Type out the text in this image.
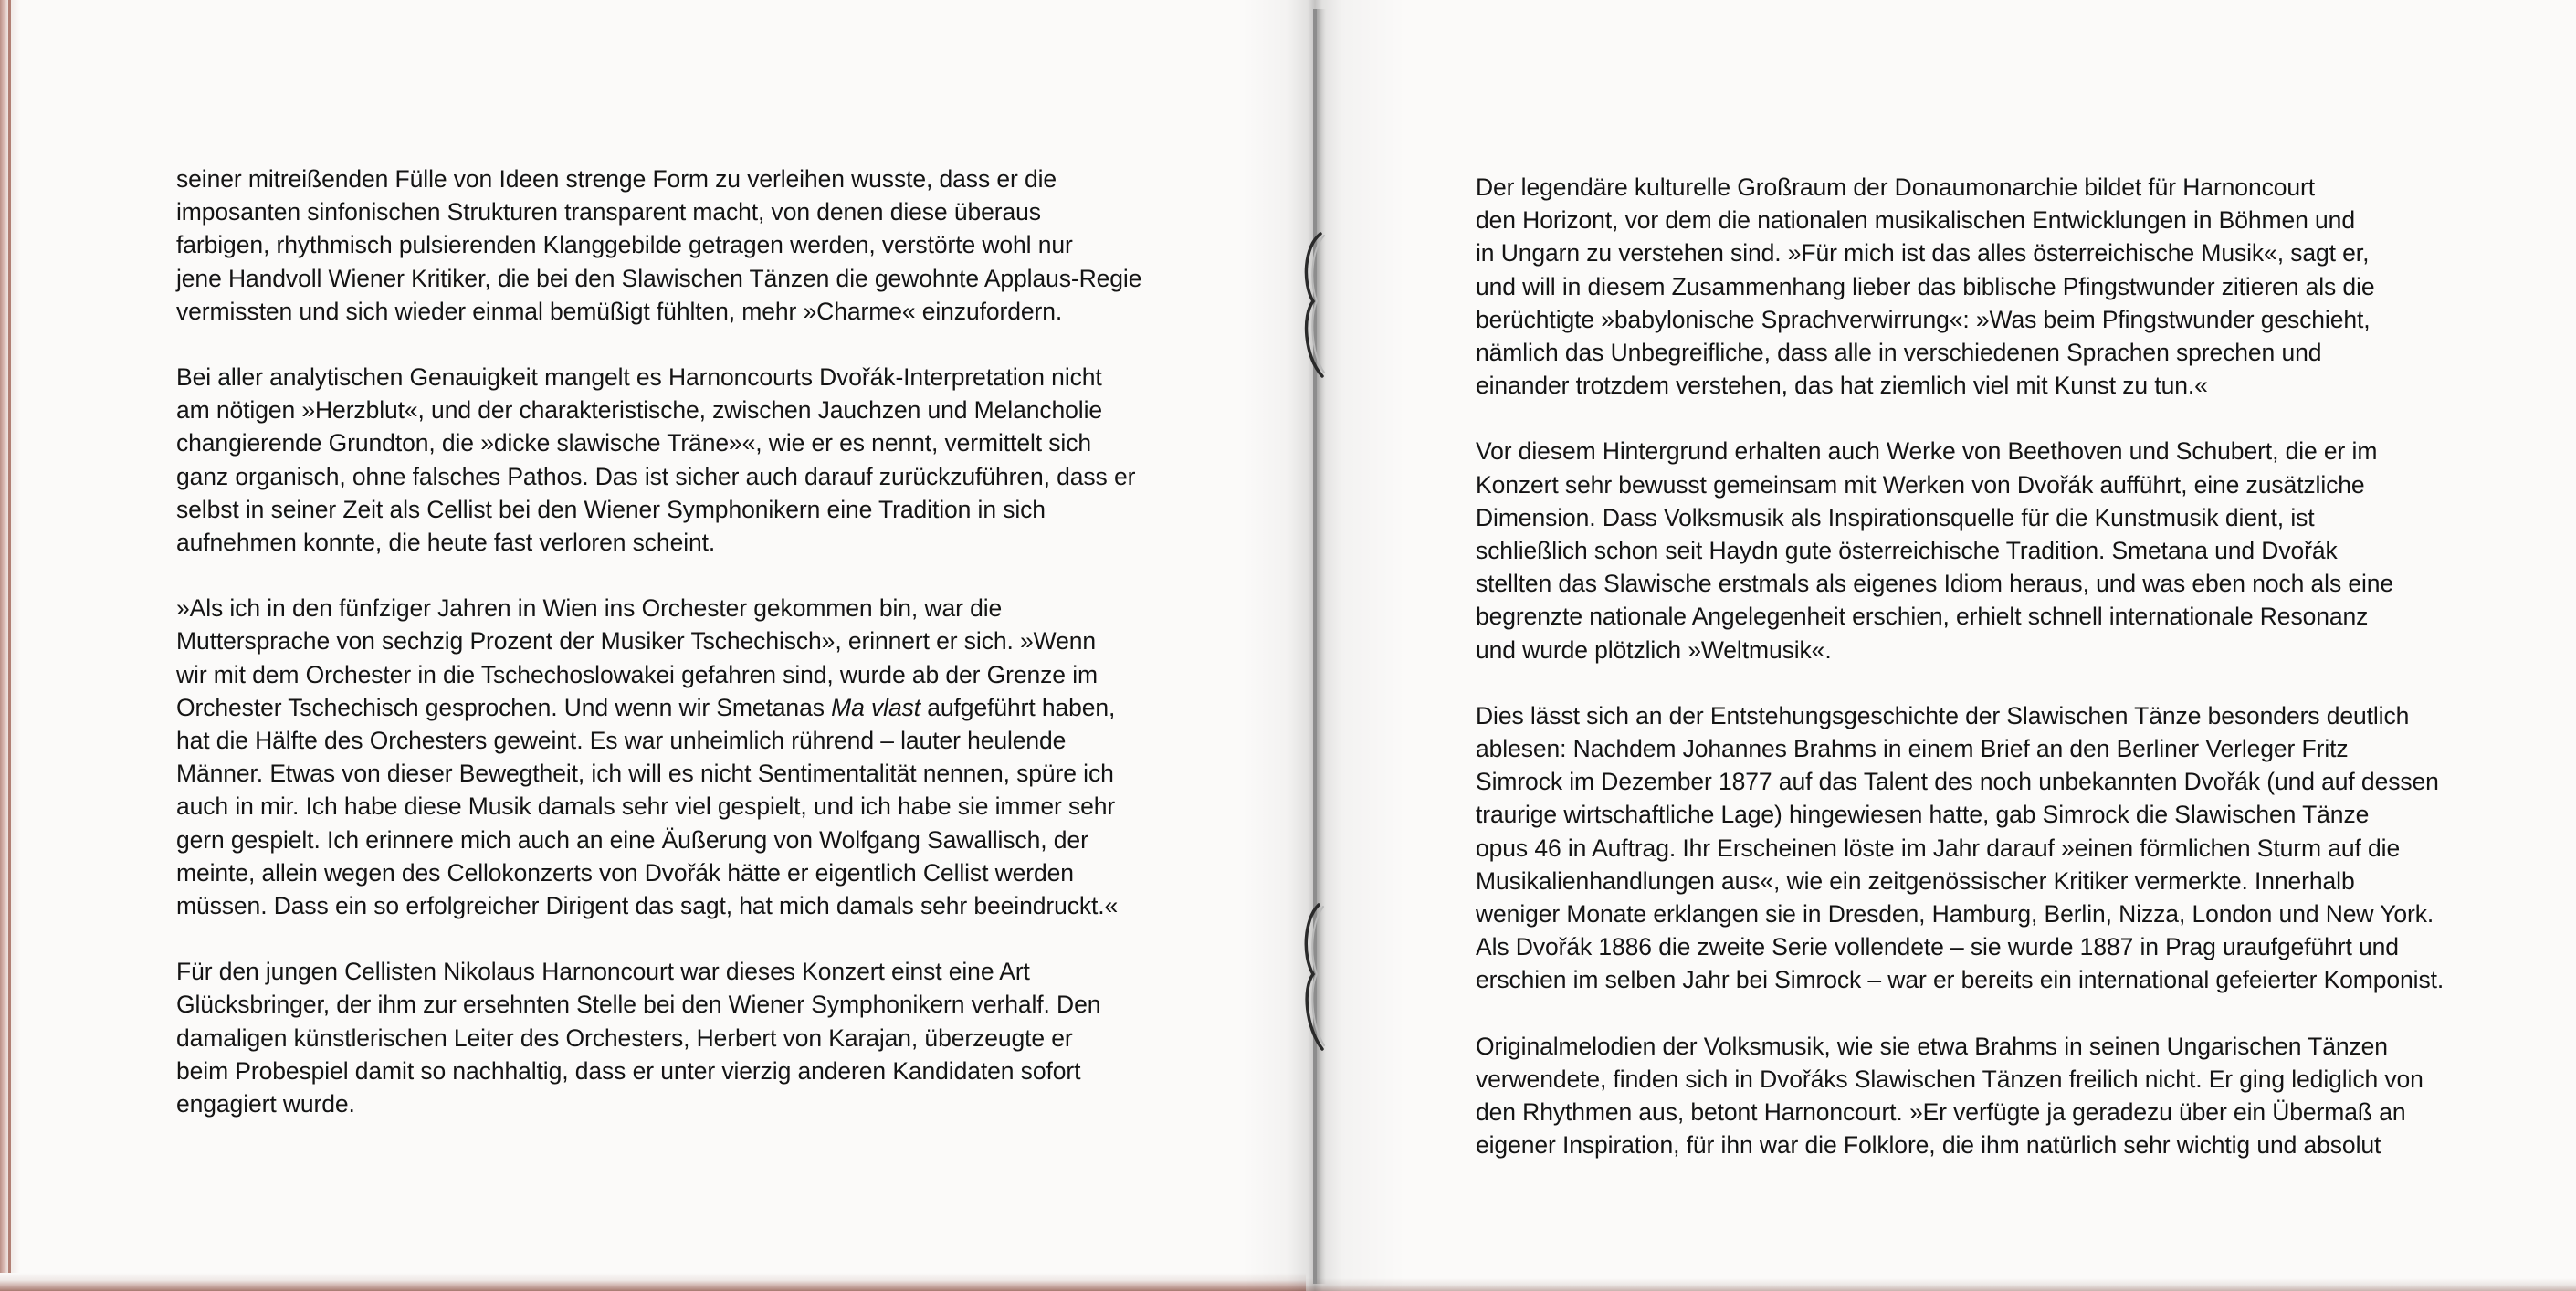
seiner mitreißenden Fülle von Ideen strenge Form zu verleihen wusste, dass er die
imposanten sinfonischen Strukturen transparent macht, von denen diese überaus
farbigen, rhythmisch pulsierenden Klanggebilde getragen werden, verstörte wohl nur
jene Handvoll Wiener Kritiker, die bei den Slawischen Tänzen die gewohnte Applaus-Regie
vermissten und sich wieder einmal bemüßigt fühlten, mehr »Charme« einzufordern.

Bei aller analytischen Genauigkeit mangelt es Harnoncourts Dvořák-Interpretation nicht
am nötigen »Herzblut«, und der charakteristische, zwischen Jauchzen und Melancholie
changierende Grundton, die »dicke slawische Träne»«, wie er es nennt, vermittelt sich
ganz organisch, ohne falsches Pathos. Das ist sicher auch darauf zurückzuführen, dass er
selbst in seiner Zeit als Cellist bei den Wiener Symphonikern eine Tradition in sich
aufnehmen konnte, die heute fast verloren scheint.

»Als ich in den fünfziger Jahren in Wien ins Orchester gekommen bin, war die
Muttersprache von sechzig Prozent der Musiker Tschechisch», erinnert er sich. »Wenn
wir mit dem Orchester in die Tschechoslowakei gefahren sind, wurde ab der Grenze im
Orchester Tschechisch gesprochen. Und wenn wir Smetanas Ma vlast aufgeführt haben,
hat die Hälfte des Orchesters geweint. Es war unheimlich rührend – lauter heulende
Männer. Etwas von dieser Bewegtheit, ich will es nicht Sentimentalität nennen, spüre ich
auch in mir. Ich habe diese Musik damals sehr viel gespielt, und ich habe sie immer sehr
gern gespielt. Ich erinnere mich auch an eine Äußerung von Wolfgang Sawallisch, der
meinte, allein wegen des Cellokonzerts von Dvořák hätte er eigentlich Cellist werden
müssen. Dass ein so erfolgreicher Dirigent das sagt, hat mich damals sehr beeindruckt.«

Für den jungen Cellisten Nikolaus Harnoncourt war dieses Konzert einst eine Art
Glücksbringer, der ihm zur ersehnten Stelle bei den Wiener Symphonikern verhalf. Den
damaligen künstlerischen Leiter des Orchesters, Herbert von Karajan, überzeugte er
beim Probespiel damit so nachhaltig, dass er unter vierzig anderen Kandidaten sofort
engagiert wurde.

Der legendäre kulturelle Großraum der Donaumonarchie bildet für Harnoncourt
den Horizont, vor dem die nationalen musikalischen Entwicklungen in Böhmen und
in Ungarn zu verstehen sind. »Für mich ist das alles österreichische Musik«, sagt er,
und will in diesem Zusammenhang lieber das biblische Pfingstwunder zitieren als die
berüchtigte »babylonische Sprachverwirrung«: »Was beim Pfingstwunder geschieht,
nämlich das Unbegreifliche, dass alle in verschiedenen Sprachen sprechen und
einander trotzdem verstehen, das hat ziemlich viel mit Kunst zu tun.«

Vor diesem Hintergrund erhalten auch Werke von Beethoven und Schubert, die er im
Konzert sehr bewusst gemeinsam mit Werken von Dvořák aufführt, eine zusätzliche
Dimension. Dass Volksmusik als Inspirationsquelle für die Kunstmusik dient, ist
schließlich schon seit Haydn gute österreichische Tradition. Smetana und Dvořák
stellten das Slawische erstmals als eigenes Idiom heraus, und was eben noch als eine
begrenzte nationale Angelegenheit erschien, erhielt schnell internationale Resonanz
und wurde plötzlich »Weltmusik«.

Dies lässt sich an der Entstehungsgeschichte der Slawischen Tänze besonders deutlich
ablesen: Nachdem Johannes Brahms in einem Brief an den Berliner Verleger Fritz
Simrock im Dezember 1877 auf das Talent des noch unbekannten Dvořák (und auf dessen
traurige wirtschaftliche Lage) hingewiesen hatte, gab Simrock die Slawischen Tänze
opus 46 in Auftrag. Ihr Erscheinen löste im Jahr darauf »einen förmlichen Sturm auf die
Musikalienhandlungen aus«, wie ein zeitgenössischer Kritiker vermerkte. Innerhalb
weniger Monate erklangen sie in Dresden, Hamburg, Berlin, Nizza, London und New York.
Als Dvořák 1886 die zweite Serie vollendete – sie wurde 1887 in Prag uraufgeführt und
erschien im selben Jahr bei Simrock – war er bereits ein international gefeierter Komponist.

Originalmelodien der Volksmusik, wie sie etwa Brahms in seinen Ungarischen Tänzen
verwendete, finden sich in Dvořáks Slawischen Tänzen freilich nicht. Er ging lediglich von
den Rhythmen aus, betont Harnoncourt. »Er verfügte ja geradezu über ein Übermaß an
eigener Inspiration, für ihn war die Folklore, die ihm natürlich sehr wichtig und absolut
